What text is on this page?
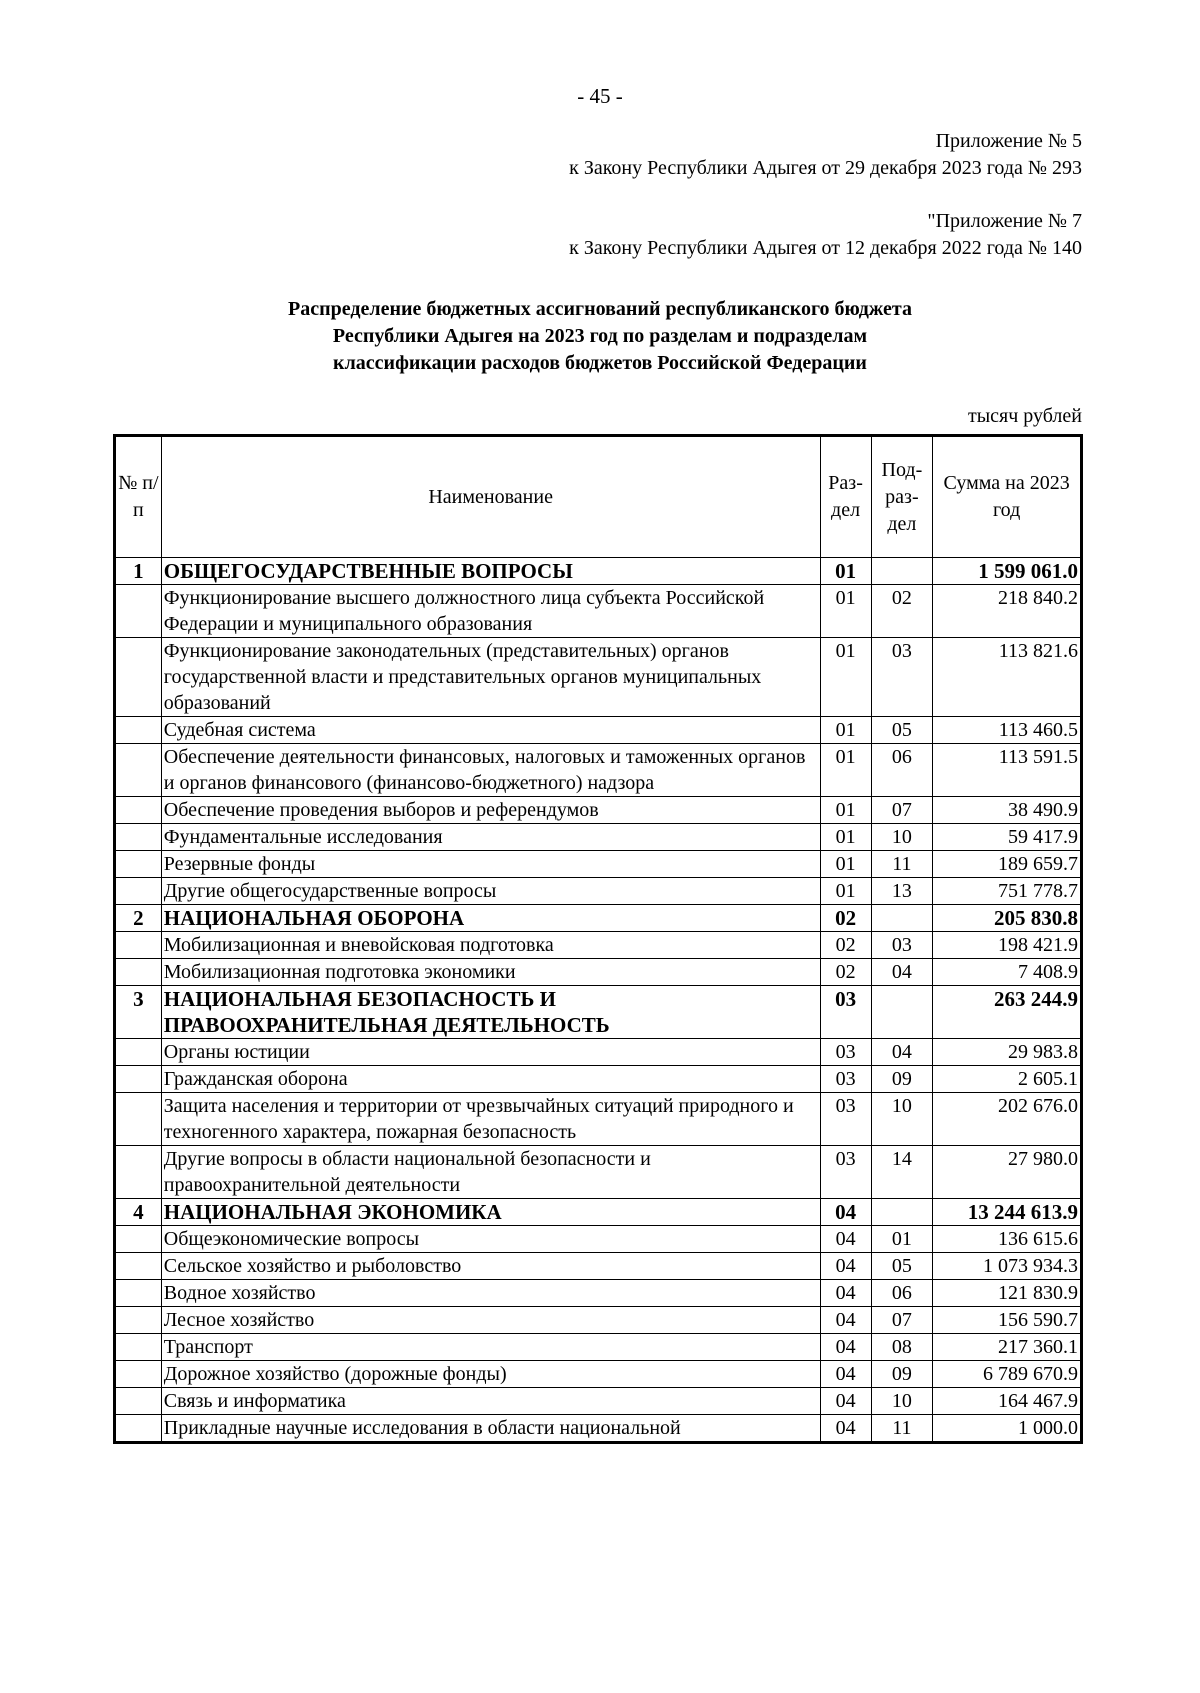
- 45 -
Приложение № 5
к Закону Республики Адыгея от 29 декабря 2023 года № 293
"Приложение № 7
к Закону Республики Адыгея от 12 декабря 2022 года № 140
Распределение бюджетных ассигнований республиканского бюджета
Республики Адыгея на 2023 год по разделам и подразделам
классификации расходов бюджетов Российской Федерации
тысяч рублей
№ п/п	Наименование	Раз- дел	Под- раз- дел	Сумма на 2023 год
1	ОБЩЕГОСУДАРСТВЕННЫЕ ВОПРОСЫ	01		1 599 061.0
	Функционирование высшего должностного лица субъекта Российской Федерации и муниципального образования	01	02	218 840.2
	Функционирование законодательных (представительных) органов государственной власти и представительных органов муниципальных образований	01	03	113 821.6
	Судебная система	01	05	113 460.5
	Обеспечение деятельности финансовых, налоговых и таможенных органов и органов финансового (финансово-бюджетного) надзора	01	06	113 591.5
	Обеспечение проведения выборов и референдумов	01	07	38 490.9
	Фундаментальные исследования	01	10	59 417.9
	Резервные фонды	01	11	189 659.7
	Другие общегосударственные вопросы	01	13	751 778.7
2	НАЦИОНАЛЬНАЯ ОБОРОНА	02		205 830.8
	Мобилизационная и вневойсковая подготовка	02	03	198 421.9
	Мобилизационная подготовка экономики	02	04	7 408.9
3	НАЦИОНАЛЬНАЯ БЕЗОПАСНОСТЬ И ПРАВООХРАНИТЕЛЬНАЯ ДЕЯТЕЛЬНОСТЬ	03		263 244.9
	Органы юстиции	03	04	29 983.8
	Гражданская оборона	03	09	2 605.1
	Защита населения и территории от чрезвычайных ситуаций природного и техногенного характера, пожарная безопасность	03	10	202 676.0
	Другие вопросы в области национальной безопасности и правоохранительной деятельности	03	14	27 980.0
4	НАЦИОНАЛЬНАЯ ЭКОНОМИКА	04		13 244 613.9
	Общеэкономические вопросы	04	01	136 615.6
	Сельское хозяйство и рыболовство	04	05	1 073 934.3
	Водное хозяйство	04	06	121 830.9
	Лесное хозяйство	04	07	156 590.7
	Транспорт	04	08	217 360.1
	Дорожное хозяйство (дорожные фонды)	04	09	6 789 670.9
	Связь и информатика	04	10	164 467.9
	Прикладные научные исследования в области национальной	04	11	1 000.0
